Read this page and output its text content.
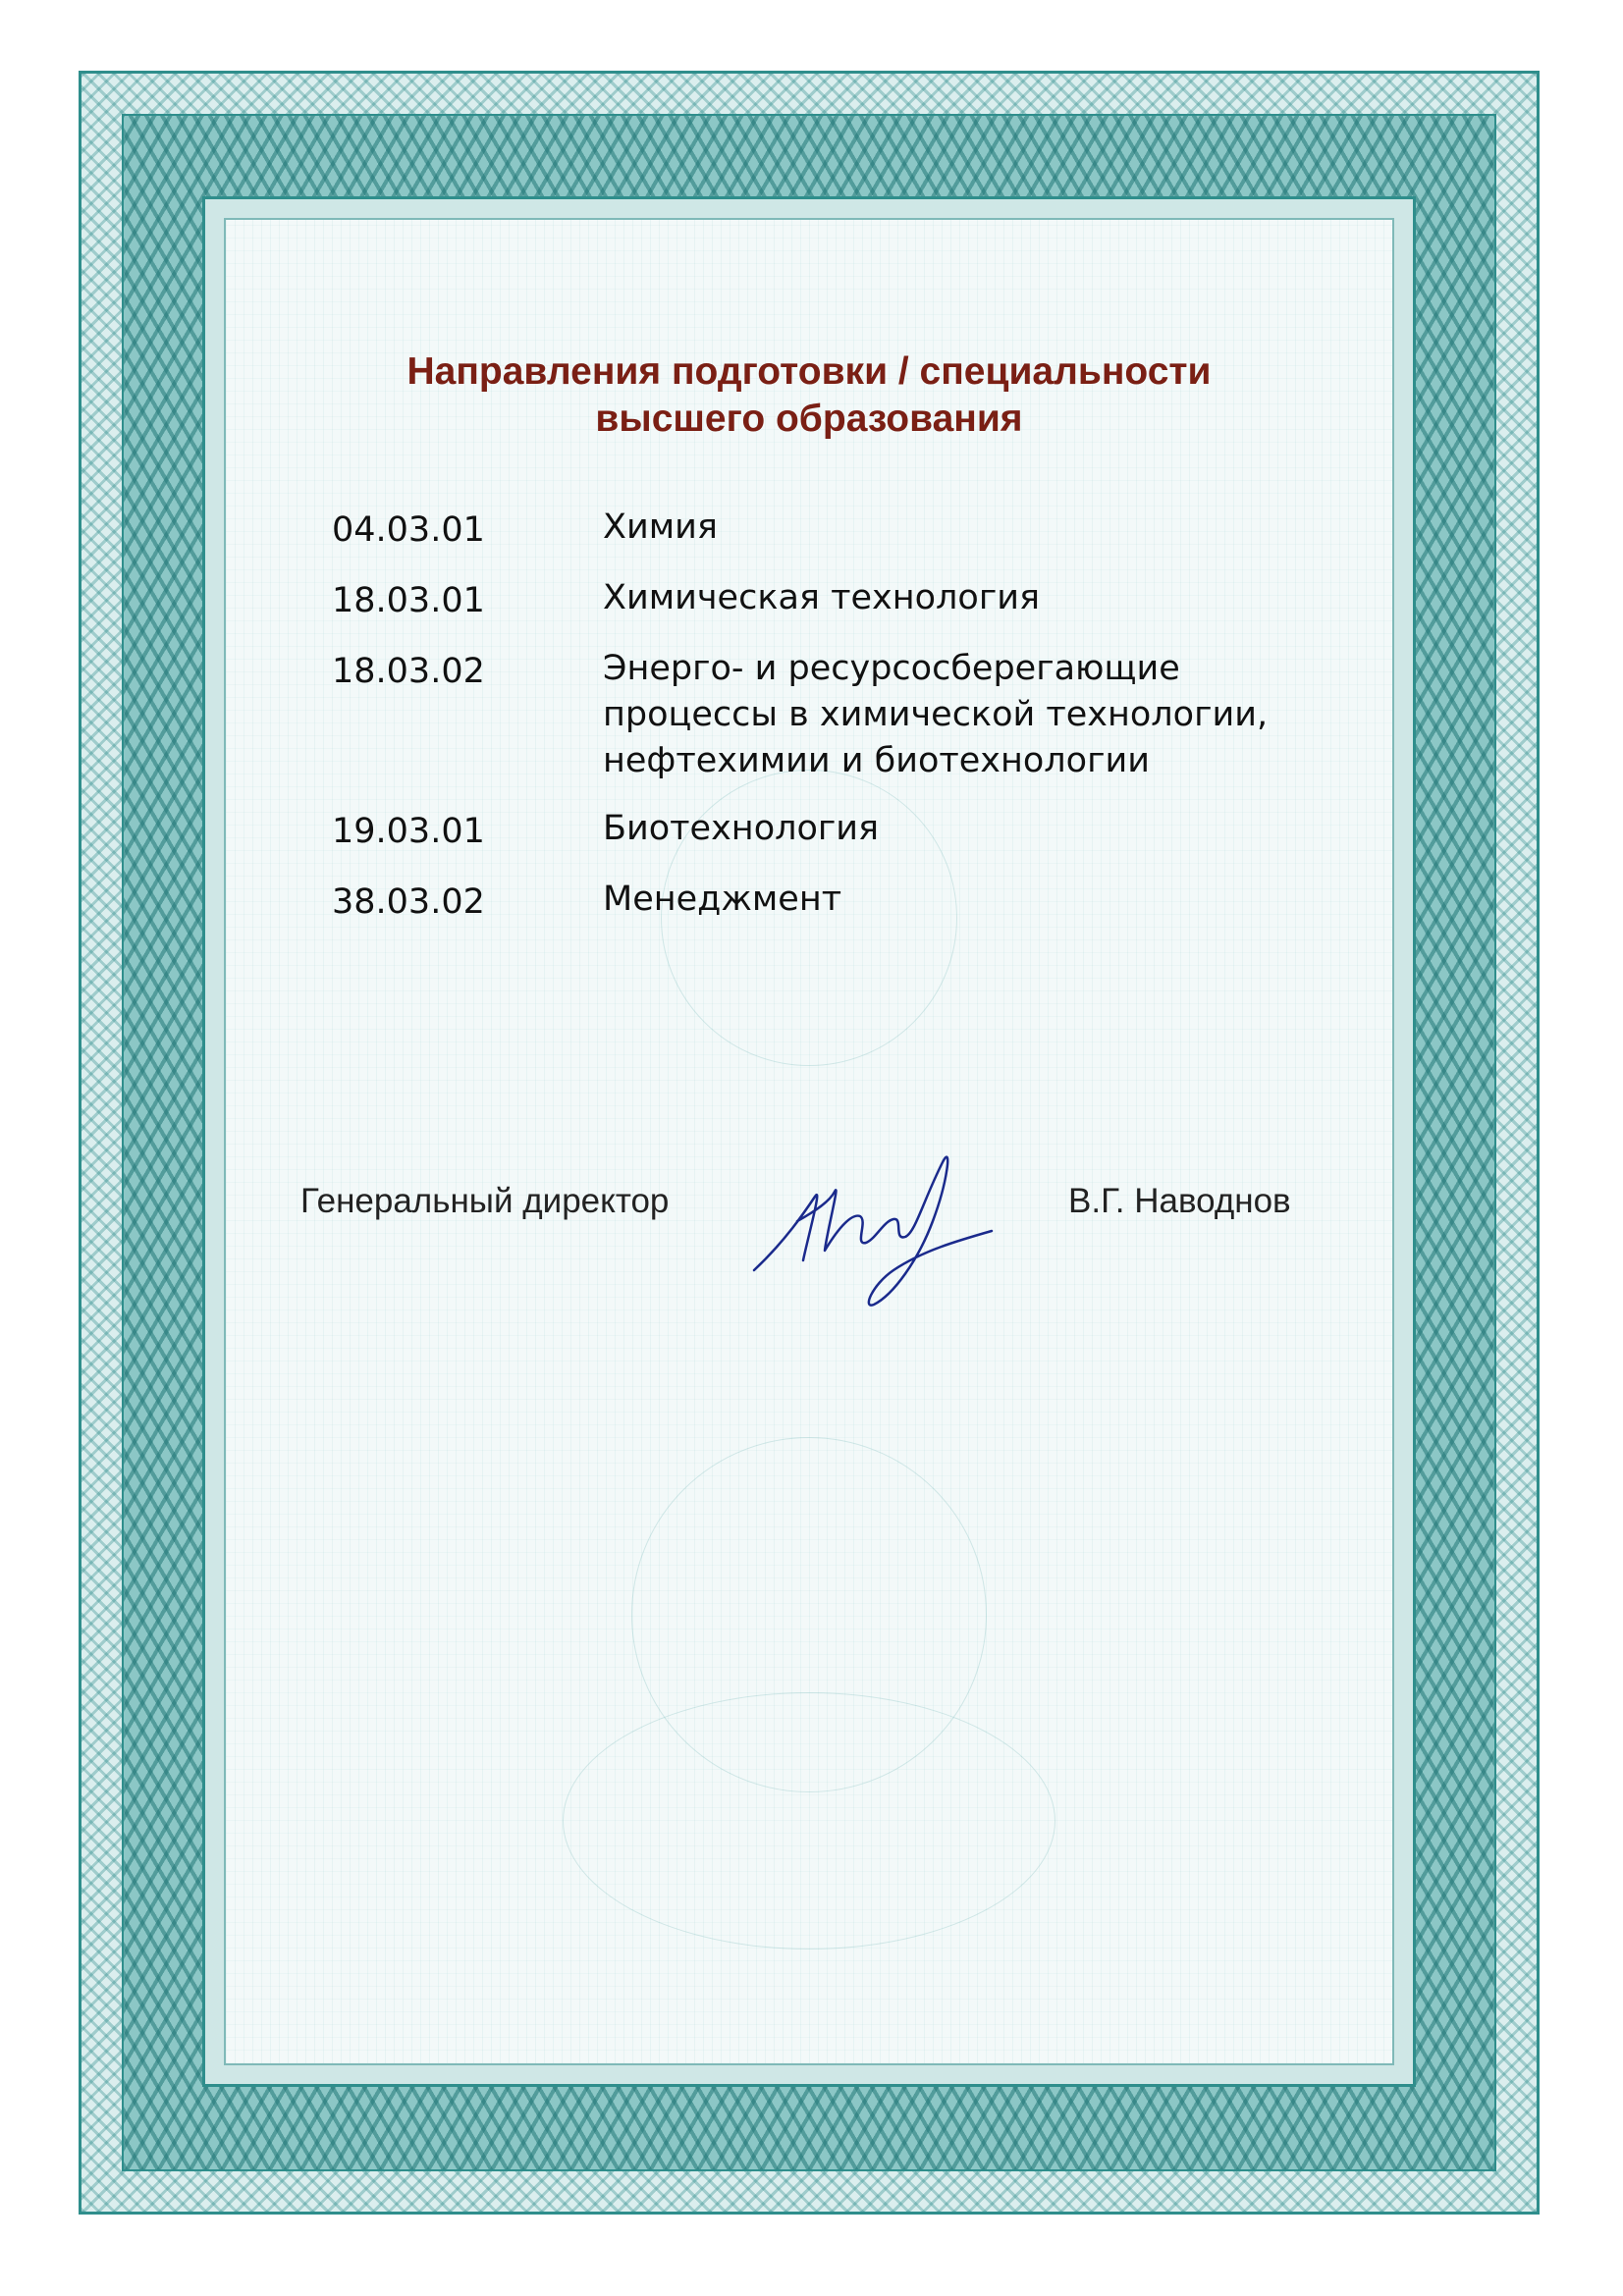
Направления подготовки / специальности
высшего образования
04.03.01	Химия
18.03.01	Химическая технология
18.03.02	Энерго- и ресурсосберегающие
процессы в химической технологии,
нефтехимии и биотехнологии
19.03.01	Биотехнология
38.03.02	Менеджмент
Генеральный директор	В.Г. Наводнов
